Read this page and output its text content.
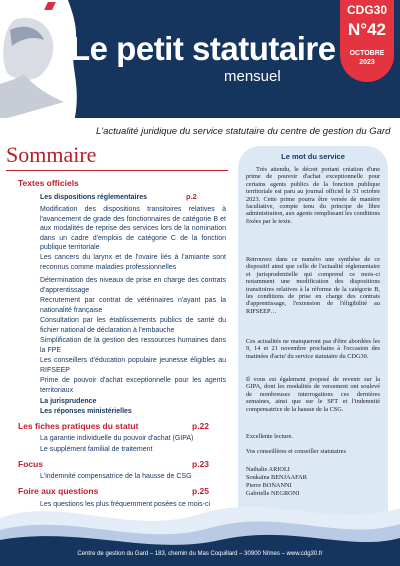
Le petit statutaire
mensuel
CDG30
N°42
OCTOBRE
2023
L'actualité juridique du service statutaire du centre de gestion du Gard
Sommaire
Textes officiels
Les dispositions réglementaires	p.2
Modification des dispositions transitoires relatives à l'avancement de grade des fonctionnaires de catégorie B et aux modalités de reprise des services lors de la nomination dans un cadre d'emplois de catégorie C de la fonction publique territoriale
Les cancers du larynx et de l'ovaire liés à l'amiante sont reconnus comme maladies professionnelles
Détermination des niveaux de prise en charge des contrats d'apprentissage
Recrutement par contrat de vétérinaires n'ayant pas la nationalité française
Consultation par les établissements publics de santé du fichier national de déclaration à l'embauche
Simplification de la gestion des ressources humaines dans la FPE
Les conseillers d'éducation populaire jeunesse éligibles au RIFSEEP
Prime de pouvoir d'achat exceptionnelle pour les agents territoriaux
La jurisprudence
Les réponses ministérielles
Les fiches pratiques du statut	p.22
La garantie individuelle du pouvoir d'achat (GIPA)
Le supplément familial de traitement
Focus	p.23
L'indemnité compensatrice de la hausse de CSG
Foire aux questions	p.25
Les questions les plus fréquemment posées ce mois-ci
Le mot du service
Très attendu, le décret portant création d'une prime de pouvoir d'achat exceptionnelle pour certains agents publics de la fonction publique territoriale est paru au journal officiel le 31 octobre 2023. Cette prime pourra être versée de manière facultative, compte tenu du principe de libre administration, aux agents remplissant les conditions fixées par le texte.
Retrouvez dans ce numéro une synthèse de ce dispositif ainsi que celle de l'actualité réglementaire et jurisprudentielle qui comprend ce mois-ci notamment une modification des dispositions transitoires relatives à la réforme de la catégorie B, les conditions de prise en charge des contrats d'apprentissage, l'extension de l'éligibilité au RIFSEEP…
Ces actualités ne manqueront pas d'être abordées les 9, 14 et 21 novembre prochains à l'occasion des matinées d'actu' du service statutaire du CDG30.
Il vous est également proposé de revenir sur la GIPA, dont les modalités de versement ont soulevé de nombreuses interrogations ces dernières semaines, ainsi que sur le SFT et l'indemnité compensatrice de la hausse de la CSG.
Excellente lecture.
Vos conseillères et conseiller statutaires
Nathalie ARIOLI
Soukaïna BENJAAFAR
Pierre BONANNI
Gabrielle NEGRONI
Centre de gestion du Gard – 183, chemin du Mas Coquillard – 30900 Nîmes – www.cdg30.fr
